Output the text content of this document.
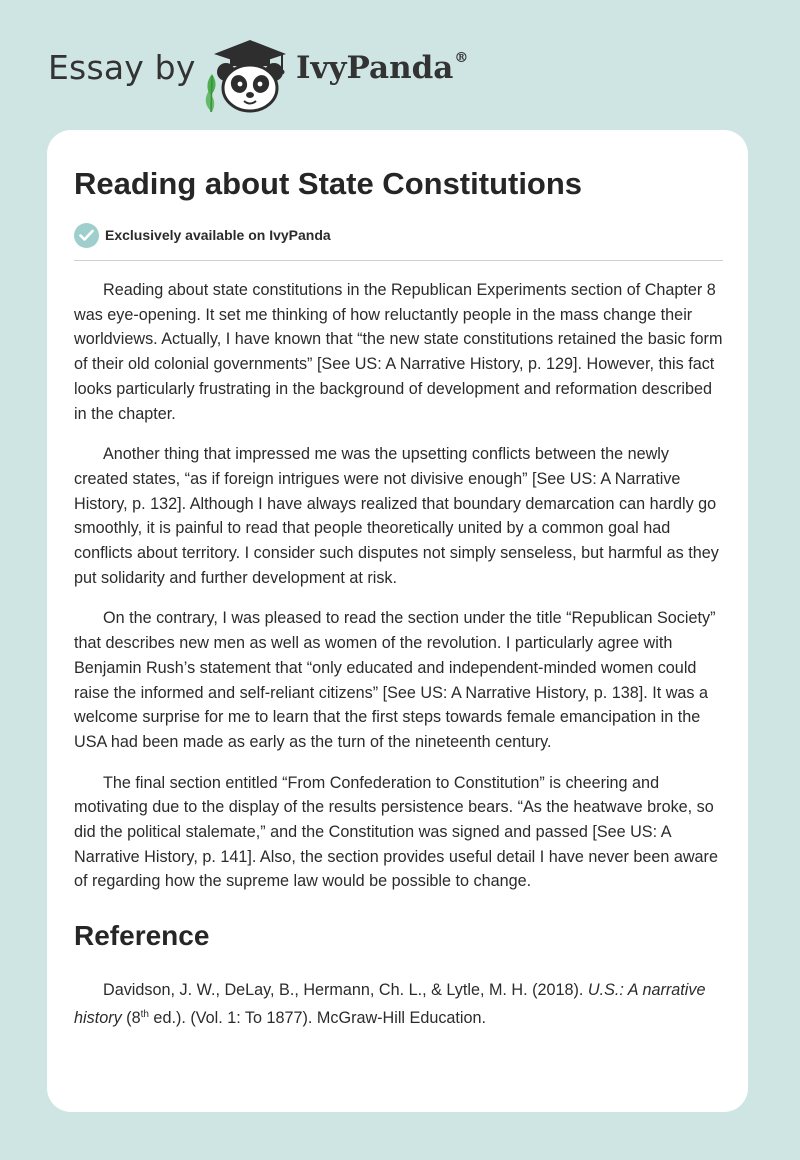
Essay by	IvyPanda®
Reading about State Constitutions
Exclusively available on IvyPanda

Reading about state constitutions in the Republican Experiments section of Chapter 8 was eye-opening. It set me thinking of how reluctantly people in the mass change their worldviews. Actually, I have known that “the new state constitutions retained the basic form of their old colonial governments” [See US: A Narrative History, p. 129]. However, this fact looks particularly frustrating in the background of development and reformation described in the chapter.

Another thing that impressed me was the upsetting conflicts between the newly created states, “as if foreign intrigues were not divisive enough” [See US: A Narrative History, p. 132]. Although I have always realized that boundary demarcation can hardly go smoothly, it is painful to read that people theoretically united by a common goal had conflicts about territory. I consider such disputes not simply senseless, but harmful as they put solidarity and further development at risk.

On the contrary, I was pleased to read the section under the title “Republican Society” that describes new men as well as women of the revolution. I particularly agree with Benjamin Rush’s statement that “only educated and independent-minded women could raise the informed and self-reliant citizens” [See US: A Narrative History, p. 138]. It was a welcome surprise for me to learn that the first steps towards female emancipation in the USA had been made as early as the turn of the nineteenth century.

The final section entitled “From Confederation to Constitution” is cheering and motivating due to the display of the results persistence bears. “As the heatwave broke, so did the political stalemate,” and the Constitution was signed and passed [See US: A Narrative History, p. 141]. Also, the section provides useful detail I have never been aware of regarding how the supreme law would be possible to change.

Reference

Davidson, J. W., DeLay, B., Hermann, Ch. L., & Lytle, M. H. (2018). U.S.: A narrative history (8th ed.). (Vol. 1: To 1877). McGraw-Hill Education.
